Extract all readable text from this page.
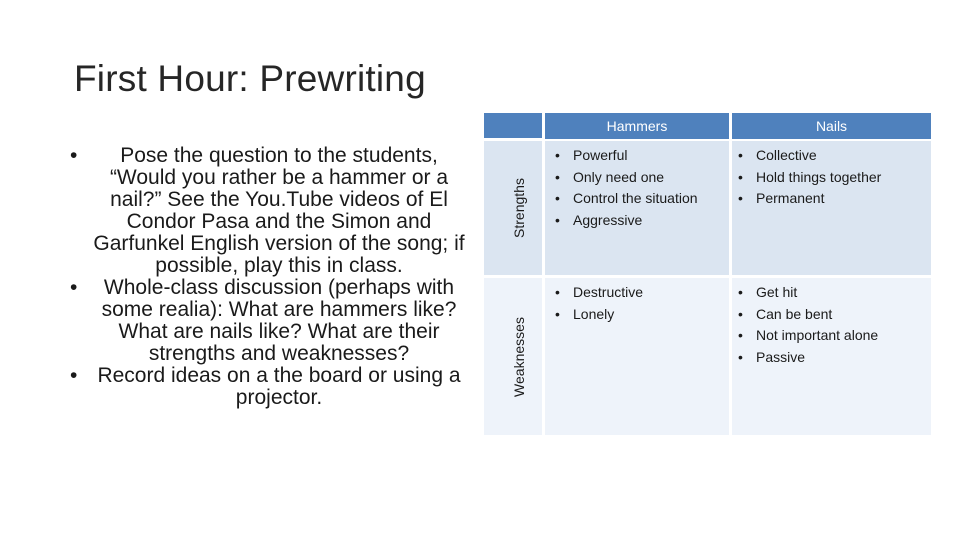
First Hour: Prewriting
• Pose the question to the students, “Would you rather be a hammer or a nail?” See the You.Tube videos of El Condor Pasa and the Simon and Garfunkel English version of the song; if possible, play this in class.
• Whole-class discussion (perhaps with some realia): What are hammers like? What are nails like? What are their strengths and weaknesses?
• Record ideas on a the board or using a projector.
Hammers	Nails
Strengths
Weaknesses
• Powerful
• Only need one
• Control the situation
• Aggressive
• Collective
• Hold things together
• Permanent
• Destructive
• Lonely
• Get hit
• Can be bent
• Not important alone
• Passive
